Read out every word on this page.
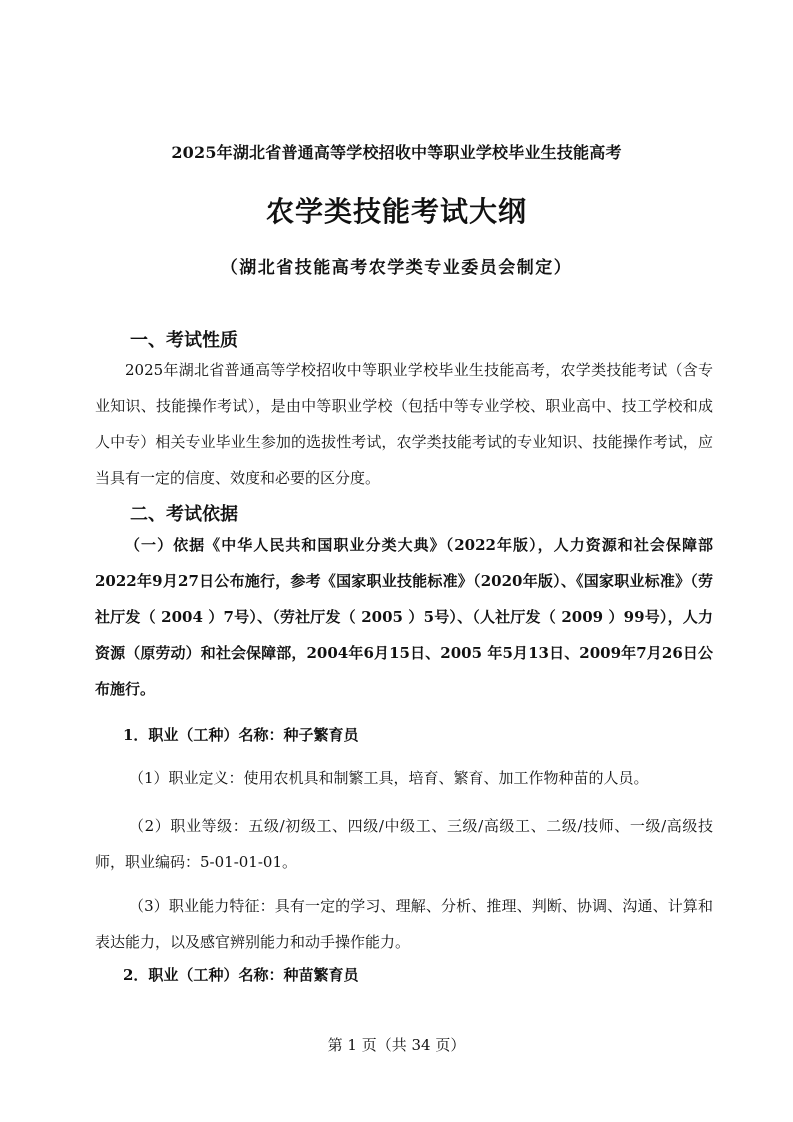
2025年湖北省普通高等学校招收中等职业学校毕业生技能高考
农学类技能考试大纲
（湖北省技能高考农学类专业委员会制定）
一、考试性质
2025年湖北省普通高等学校招收中等职业学校毕业生技能高考，农学类技能考试（含专业知识、技能操作考试），是由中等职业学校（包括中等专业学校、职业高中、技工学校和成人中专）相关专业毕业生参加的选拔性考试，农学类技能考试的专业知识、技能操作考试，应当具有一定的信度、效度和必要的区分度。
二、考试依据
（一）依据《中华人民共和国职业分类大典》（2022年版），人力资源和社会保障部2022年9月27日公布施行，参考《国家职业技能标准》（2020年版）、《国家职业标准》（劳社厅发（ 2004 ）7号）、（劳社厅发（ 2005 ）5号）、（人社厅发（ 2009 ）99号），人力资源（原劳动）和社会保障部，2004年6月15日、2005 年5月13日、2009年7月26日公布施行。
1．职业（工种）名称：种子繁育员
（1）职业定义：使用农机具和制繁工具，培育、繁育、加工作物种苗的人员。
（2）职业等级：五级/初级工、四级/中级工、三级/高级工、二级/技师、一级/高级技师，职业编码：5-01-01-01。
（3）职业能力特征：具有一定的学习、理解、分析、推理、判断、协调、沟通、计算和表达能力，以及感官辨别能力和动手操作能力。
2．职业（工种）名称：种苗繁育员
第 1 页（共 34 页）
